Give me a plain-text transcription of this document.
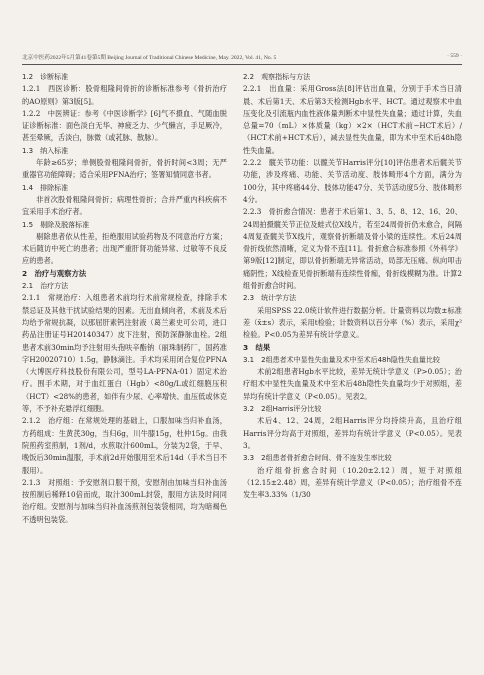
北京中医药2022年5月第41卷第5期 Beijing Journal of Traditional Chinese Medicine, May. 2022, Vol. 41, No. 5	· 559 ·

1.2　诊断标准

1.2.1　西医诊断：股骨粗隆间骨折的诊断标准参考《骨折治疗的AO原则》第3版[5]。

1.2.2　中医辨证：参考《中医诊断学》[6]气不摄血、气随血脱证诊断标准：面色淡白无华、神疲乏力、少气懒言，手足厥冷，甚至晕厥，舌淡白，脉微（或芤脉、散脉）。

1.3　纳入标准

年龄≥65岁；单侧股骨粗隆间骨折，骨折时间<3周；无严重器官功能障碍；适合采用PFNA治疗；签署知情同意书者。

1.4　排除标准

非首次股骨粗隆间骨折；病理性骨折；合并严重内科疾病不宜采用手术治疗者。

1.5　剔除及脱落标准

剔除患者依从性差，拒绝服用试验药物及不同意治疗方案；术后随访中死亡的患者；出现严重肝肾功能异常、过敏等不良反应的患者。

2　治疗与观察方法

2.1　治疗方法

2.1.1　常规治疗：入组患者术前均行术前常规检查，排除手术禁忌证及其他干扰试验结果的因素。无出血倾向者，术前及术后均给予常规抗凝，以那屈肝素钙注射液（葛兰素史可公司，进口药品注册证号H20140347）皮下注射，预防深静脉血栓。2组患者术前30min均予注射用头孢呋辛酯钠（丽珠制药厂，国药准字H20020710）1.5g，静脉滴注。手术均采用闭合复位PFNA（大博医疗科技股份有限公司，型号LA-PFNA-01）固定术治疗。围手术期，对于血红蛋白（Hgb）<80g/L或红细胞压积（HCT）<28%的患者，如伴有少尿、心率增快、血压低或休克等，不予补充悬浮红细胞。

2.1.2　治疗组：在常规处理的基础上，口服加味当归补血汤，方药组成：生黄芪30g，当归6g，川牛膝15g，杜仲15g。由我院煎药室煎制，1剂/d，水煎取汁600mL，分装为2袋，于早、晚饭后30min温服，手术前2d开始服用至术后14d（手术当日不服用）。

2.1.3　对照组：予安慰剂口服干预，安慰剂由加味当归补血汤按煎制后稀释10倍而成，取汁300mL封袋，服用方法及时间同治疗组。安慰剂与加味当归补血汤煎剂包装袋相同，均为暗褐色不透明包装袋。

2.2　观察指标与方法

2.2.1　出血量：采用Gross法[8]评估出血量，分别于手术当日清晨、术后第1天、术后第3天检测Hgb水平、HCT。通过观察术中血压变化及引流瓶内血性液体量判断术中显性失血量；通过计算，失血总量=70（mL）×体质量（kg）×2×（HCT术前−HCT术后）/（HCT术前+HCT术后），减去显性失血量，即为术中至术后48h隐性失血量。

2.2.2　髋关节功能：以髋关节Harris评分[10]评估患者术后髋关节功能，涉及疼痛、功能、关节活动度、肢体畸形4个方面，满分为100分，其中疼痛44分、肢体功能47分、关节活动度5分、肢体畸形4分。

2.2.3　骨折愈合情况：患者于术后第1、3、5、8、12、16、20、24周拍摄髋关节正位及蛙式位X线片，若至24周骨折仍未愈合，间隔4周复查髋关节X线片，观察骨折断端及骨小梁的连续性。术后24周骨折线依然清晰，定义为骨不连[11]。骨折愈合标准参照《外科学》第9版[12]制定，即以骨折断端无异常活动，局部无压痛、纵向叩击痛阴性；X线检查见骨折断端有连续性骨痂，骨折线模糊为准。计算2组骨折愈合时间。

2.3　统计学方法

采用SPSS 22.0统计软件进行数据分析。计量资料以均数±标准差（x̄±s）表示，采用t检验；计数资料以百分率（%）表示，采用χ²检验。P<0.05为差异有统计学意义。

3　结果

3.1　2组患者术中显性失血量及术中至术后48h隐性失血量比较

术前2组患者Hgb水平比较，差异无统计学意义（P>0.05）；治疗组术中显性失血量及术中至术后48h隐性失血量均少于对照组，差异均有统计学意义（P<0.05）。见表2。

3.2　2组Harris评分比较

术后4、12、24周，2组Harris评分均持续升高，且治疗组Harris评分均高于对照组，差异均有统计学意义（P<0.05）。见表3。

3.3　2组患者骨折愈合时间、骨不连发生率比较

治疗组骨折愈合时间（10.20±2.12）周，短于对照组（12.15±2.48）周，差异有统计学意义（P<0.05）；治疗组骨不连发生率3.33%（1/30
